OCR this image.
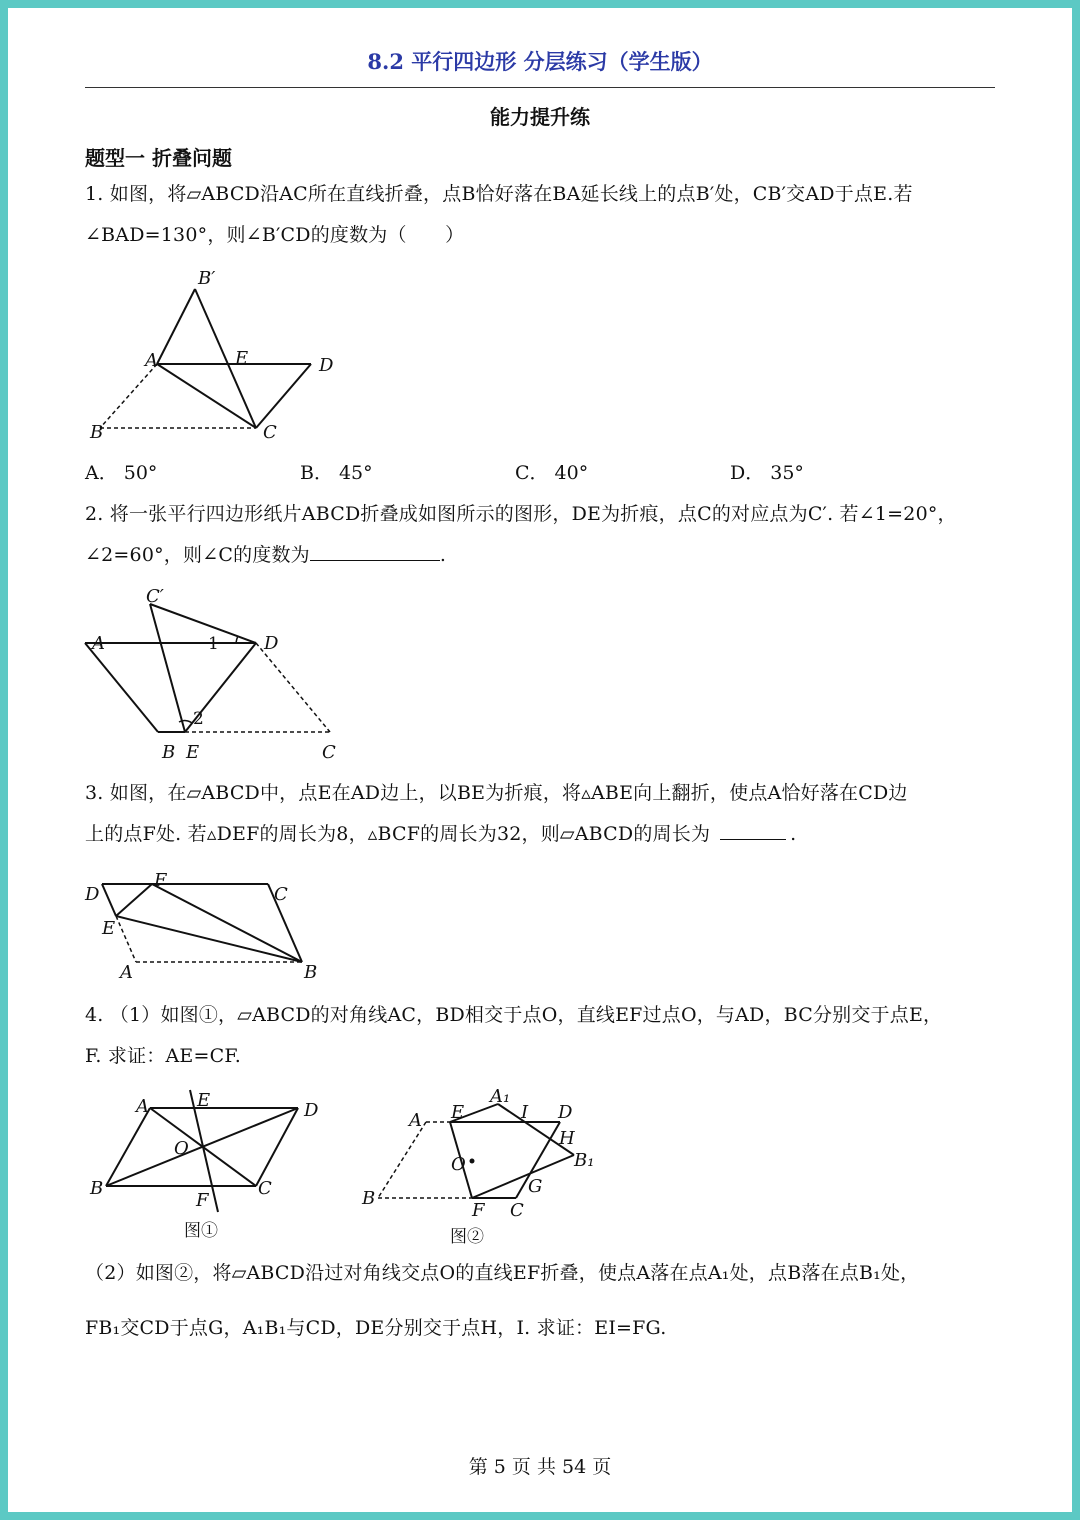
8.2 平行四边形 分层练习（学生版）
能力提升练
题型一 折叠问题
1. 如图，将▱ABCD沿AC所在直线折叠，点B恰好落在BA延长线上的点B′处，CB′交AD于点E.若
∠BAD=130°，则∠B′CD的度数为（　　）
B′
A	E	D
B	C
A． 50°	B． 45°	C． 40°	D． 35°
2. 将一张平行四边形纸片ABCD折叠成如图所示的图形，DE为折痕，点C的对应点为C′. 若∠1=20°，
∠2=60°，则∠C的度数为	.
C′
A	1	D
2
B E	C
3. 如图，在▱ABCD中，点E在AD边上，以BE为折痕，将▵ABE向上翻折，使点A恰好落在CD边
上的点F处. 若▵DEF的周长为8，▵BCF的周长为32，则▱ABCD的周长为	.
D
F
C
E
A	B
4. （1）如图①，▱ABCD的对角线AC，BD相交于点O，直线EF过点O，与AD，BC分别交于点E，
F. 求证：AE=CF.
A	E	D
O
B	C
F
图①
A E
A₁
I D
H
B₁
O
G
B
F C
图②
（2）如图②，将▱ABCD沿过对角线交点O的直线EF折叠，使点A落在点A₁处，点B落在点B₁处，
FB₁交CD于点G，A₁B₁与CD，DE分别交于点H，I. 求证：EI=FG.
第 5 页 共 54 页
